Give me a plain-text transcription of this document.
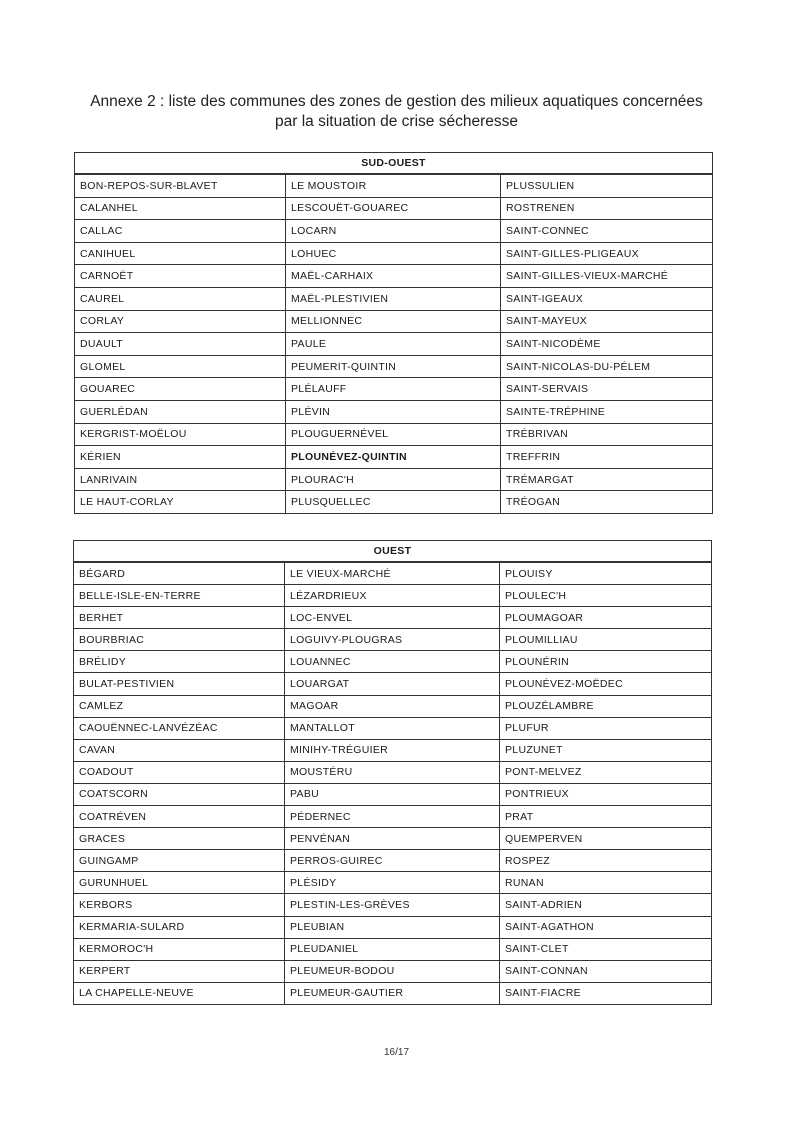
Annexe 2 : liste des communes des zones de gestion des milieux aquatiques concernées
par la situation de crise sécheresse
SUD-OUEST		
BON-REPOS-SUR-BLAVET	LE MOUSTOIR	PLUSSULIEN
CALANHEL	LESCOUËT-GOUAREC	ROSTRENEN
CALLAC	LOCARN	SAINT-CONNEC
CANIHUEL	LOHUEC	SAINT-GILLES-PLIGEAUX
CARNOËT	MAËL-CARHAIX	SAINT-GILLES-VIEUX-MARCHÉ
CAUREL	MAËL-PLESTIVIEN	SAINT-IGEAUX
CORLAY	MELLIONNEC	SAINT-MAYEUX
DUAULT	PAULE	SAINT-NICODÈME
GLOMEL	PEUMERIT-QUINTIN	SAINT-NICOLAS-DU-PÉLEM
GOUAREC	PLÉLAUFF	SAINT-SERVAIS
GUERLÉDAN	PLÉVIN	SAINTE-TRÉPHINE
KERGRIST-MOËLOU	PLOUGUERNÉVEL	TRÉBRIVAN
KÉRIEN	PLOUNÉVEZ-QUINTIN	TREFFRIN
LANRIVAIN	PLOURAC'H	TRÉMARGAT
LE HAUT-CORLAY	PLUSQUELLEC	TRÉOGAN
OUEST		
BÉGARD	LE VIEUX-MARCHÉ	PLOUISY
BELLE-ISLE-EN-TERRE	LÉZARDRIEUX	PLOULEC'H
BERHET	LOC-ENVEL	PLOUMAGOAR
BOURBRIAC	LOGUIVY-PLOUGRAS	PLOUMILLIAU
BRÉLIDY	LOUANNEC	PLOUNÉRIN
BULAT-PESTIVIEN	LOUARGAT	PLOUNÉVEZ-MOËDEC
CAMLEZ	MAGOAR	PLOUZÉLAMBRE
CAOUËNNEC-LANVÉZÉAC	MANTALLOT	PLUFUR
CAVAN	MINIHY-TRÉGUIER	PLUZUNET
COADOUT	MOUSTÉRU	PONT-MELVEZ
COATSCORN	PABU	PONTRIEUX
COATRÉVEN	PÉDERNEC	PRAT
GRACES	PENVÉNAN	QUEMPERVEN
GUINGAMP	PERROS-GUIREC	ROSPEZ
GURUNHUEL	PLÉSIDY	RUNAN
KERBORS	PLESTIN-LES-GRÈVES	SAINT-ADRIEN
KERMARIA-SULARD	PLEUBIAN	SAINT-AGATHON
KERMOROC'H	PLEUDANIEL	SAINT-CLET
KERPERT	PLEUMEUR-BODOU	SAINT-CONNAN
LA CHAPELLE-NEUVE	PLEUMEUR-GAUTIER	SAINT-FIACRE
16/17
